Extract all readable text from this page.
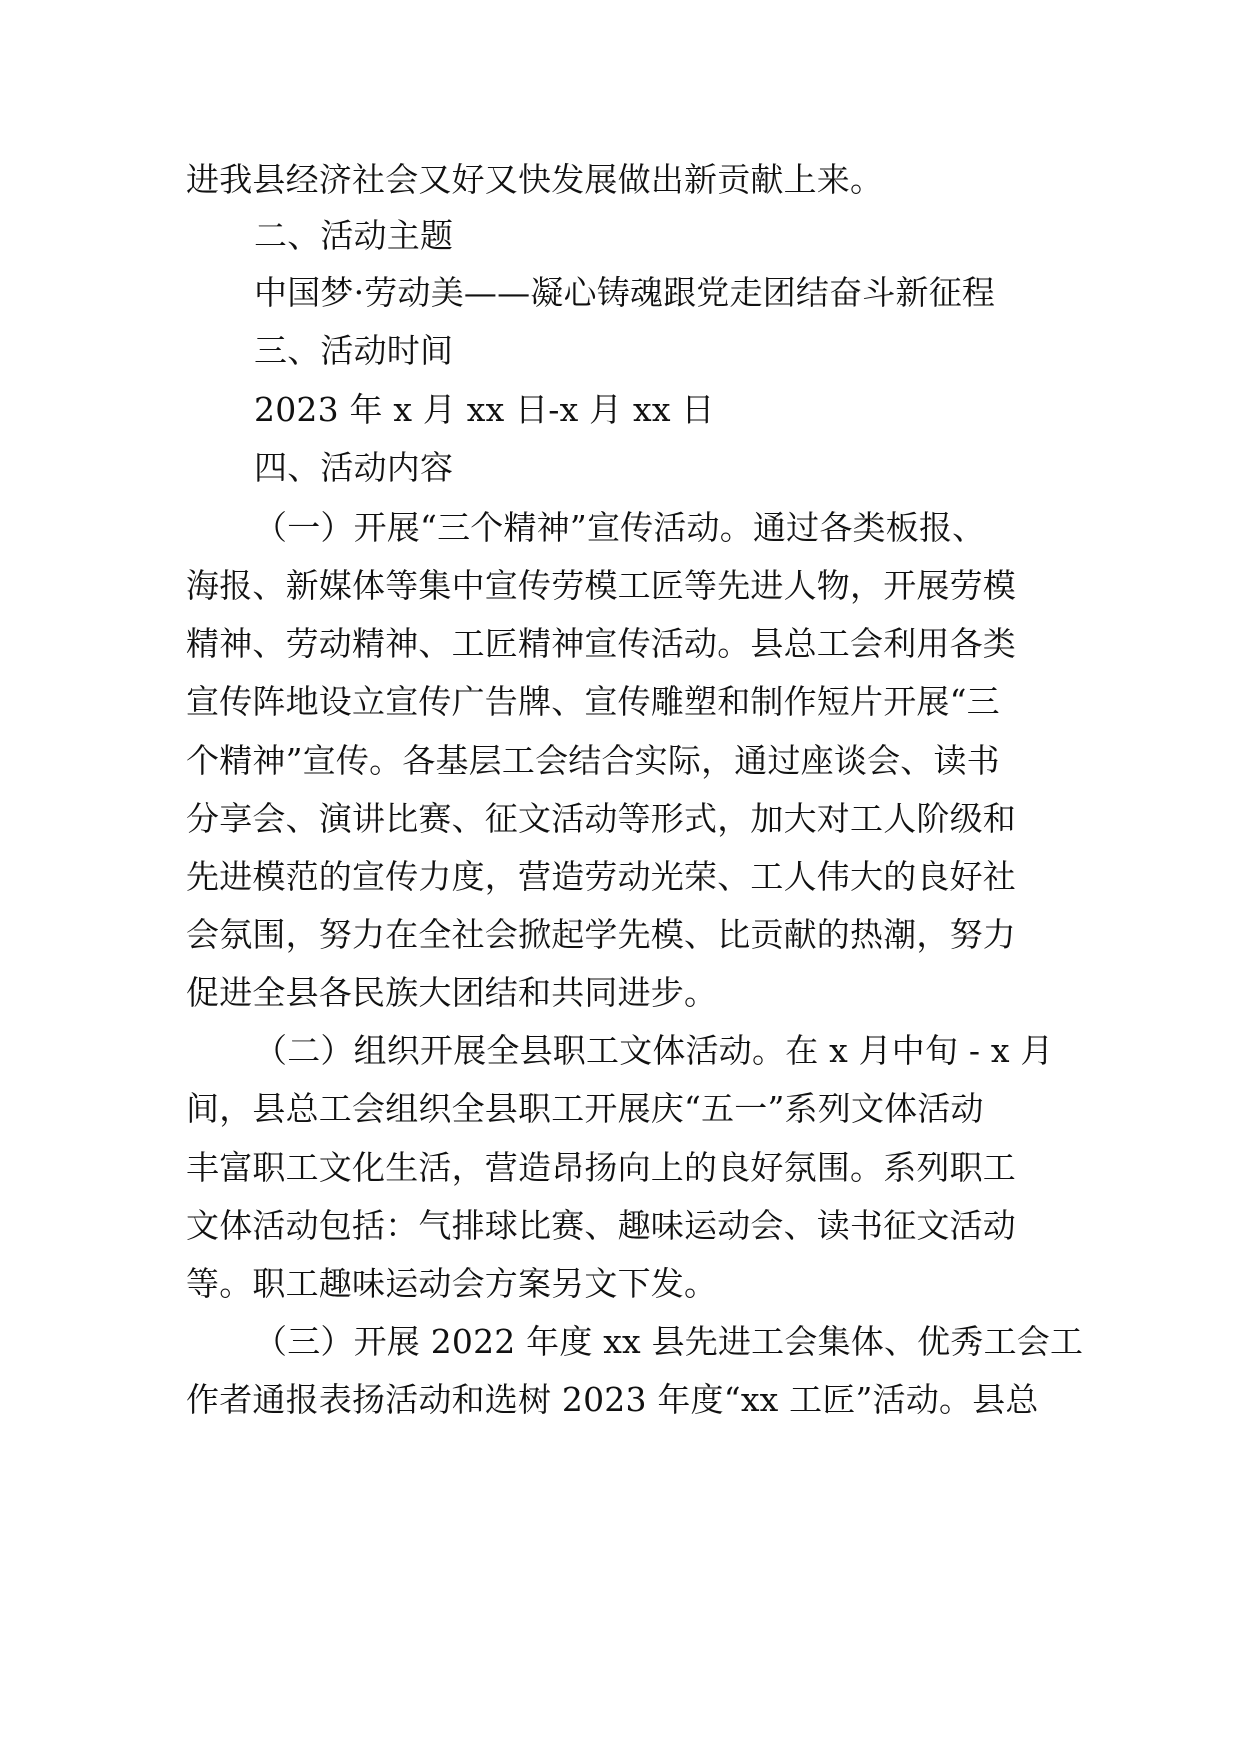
进我县经济社会又好又快发展做出新贡献上来。
二、活动主题
中国梦·劳动美——凝心铸魂跟党走团结奋斗新征程
三、活动时间
2023 年 x 月 xx 日-x 月 xx 日
四、活动内容
（一）开展“三个精神”宣传活动。通过各类板报、
海报、新媒体等集中宣传劳模工匠等先进人物，开展劳模
精神、劳动精神、工匠精神宣传活动。县总工会利用各类
宣传阵地设立宣传广告牌、宣传雕塑和制作短片开展“三
个精神”宣传。各基层工会结合实际，通过座谈会、读书
分享会、演讲比赛、征文活动等形式，加大对工人阶级和
先进模范的宣传力度，营造劳动光荣、工人伟大的良好社
会氛围，努力在全社会掀起学先模、比贡献的热潮，努力
促进全县各民族大团结和共同进步。
（二）组织开展全县职工文体活动。在 x 月中旬 - x 月
间，县总工会组织全县职工开展庆“五一”系列文体活动
丰富职工文化生活，营造昂扬向上的良好氛围。系列职工
文体活动包括：气排球比赛、趣味运动会、读书征文活动
等。职工趣味运动会方案另文下发。
（三）开展 2022 年度 xx 县先进工会集体、优秀工会工
作者通报表扬活动和选树 2023 年度“xx 工匠”活动。县总
